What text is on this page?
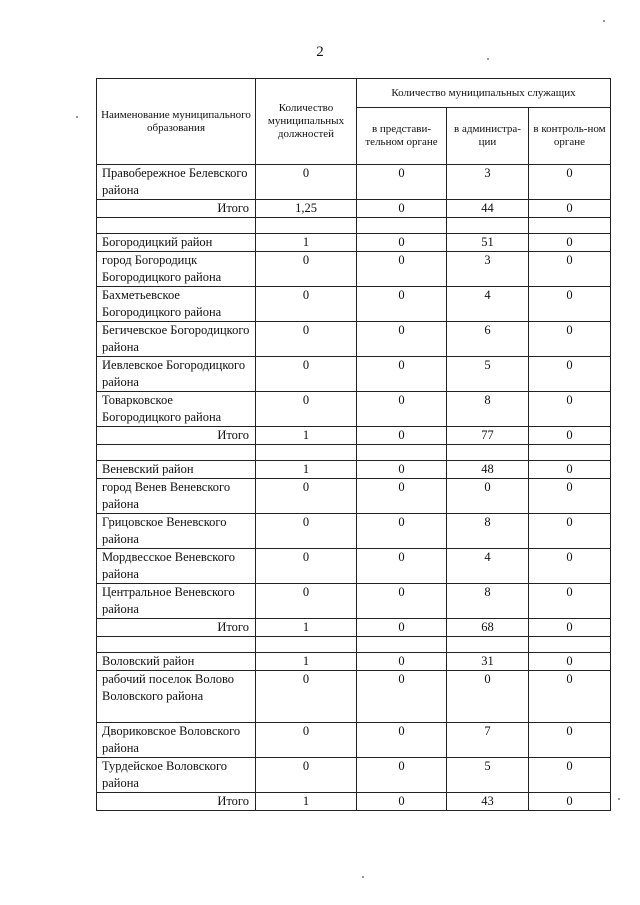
2
Наименование муниципального образования	Количество муниципальных должностей	Количество муниципальных служащих		
		в представи-тельном органе	в администра-ции	в контроль-ном органе
Правобережное Белевского района	0	0	3	0
Итого	1,25	0	44	0

Богородицкий район	1	0	51	0
город Богородицк Богородицкого района	0	0	3	0
Бахметьевское Богородицкого района	0	0	4	0
Бегичевское Богородицкого района	0	0	6	0
Иевлевское Богородицкого района	0	0	5	0
Товарковское Богородицкого района	0	0	8	0
Итого	1	0	77	0

Веневский район	1	0	48	0
город Венев Веневского района	0	0	0	0
Грицовское Веневского района	0	0	8	0
Мордвесское Веневского района	0	0	4	0
Центральное Веневского района	0	0	8	0
Итого	1	0	68	0

Воловский район	1	0	31	0
рабочий поселок Волово Воловского района	0	0	0	0
Двориковское Воловского района	0	0	7	0
Турдейское Воловского района	0	0	5	0
Итого	1	0	43	0
